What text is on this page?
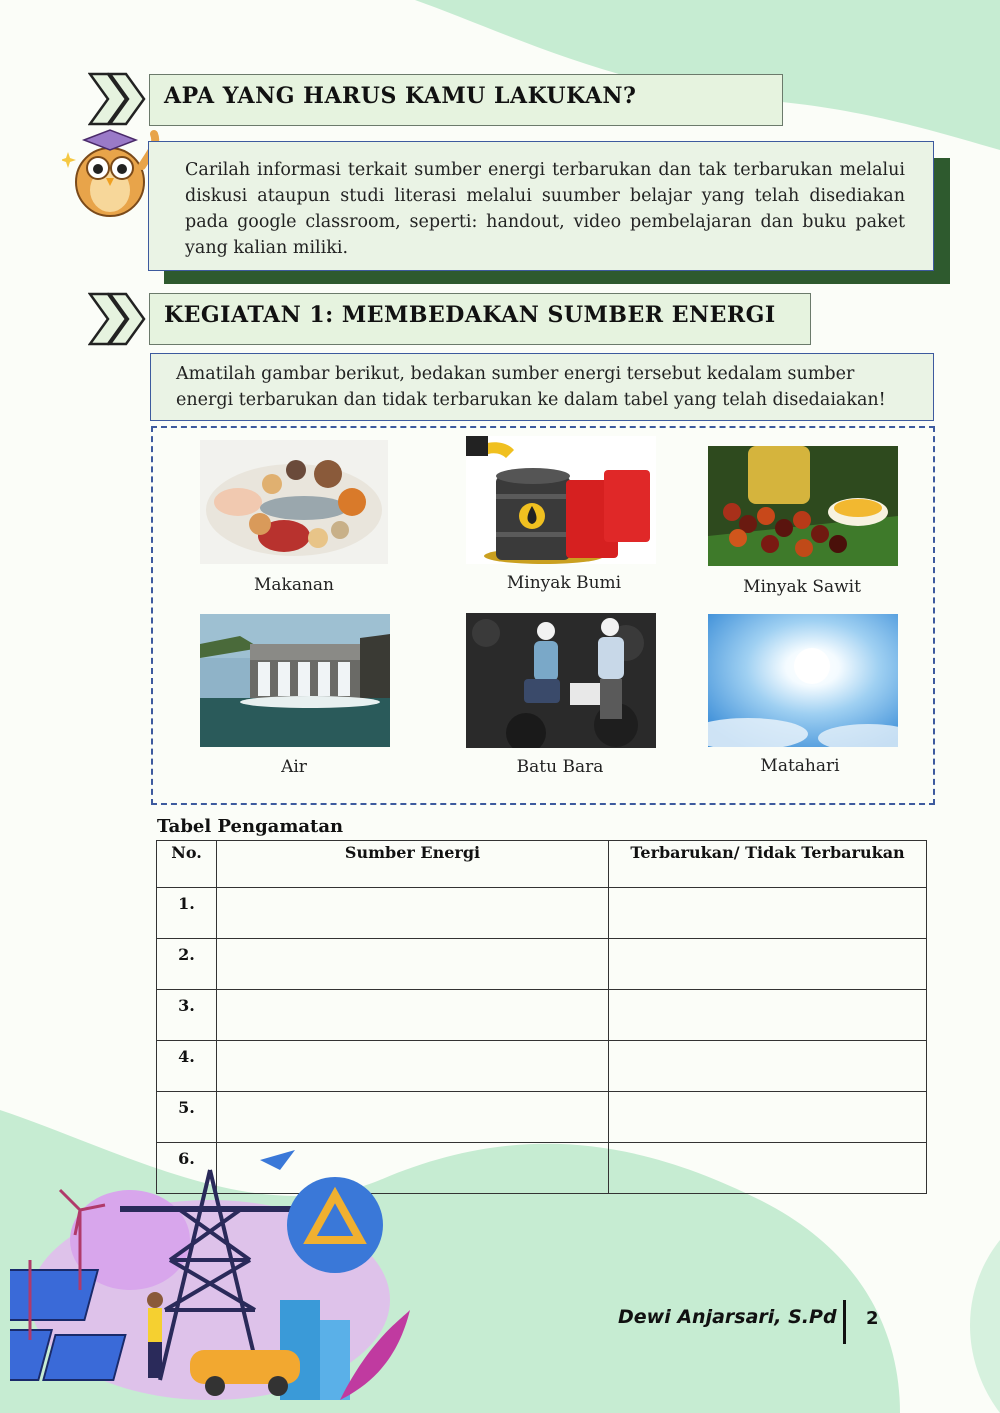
APA YANG HARUS KAMU LAKUKAN?
Carilah informasi terkait sumber energi terbarukan dan tak terbarukan melalui diskusi ataupun studi literasi melalui suumber belajar yang telah disediakan pada google classroom, seperti: handout, video pembelajaran dan buku paket yang kalian miliki.
KEGIATAN 1: MEMBEDAKAN SUMBER ENERGI
Amatilah gambar berikut, bedakan sumber energi tersebut kedalam sumber energi terbarukan dan tidak terbarukan ke dalam tabel yang telah disedaiakan!
Makanan	Minyak Bumi	Minyak Sawit
Air	Batu Bara	Matahari
Tabel Pengamatan
No.	Sumber Energi	Terbarukan/ Tidak Terbarukan
1.		
2.		
3.		
4.		
5.		
6.		
Dewi Anjarsari, S.Pd 2
